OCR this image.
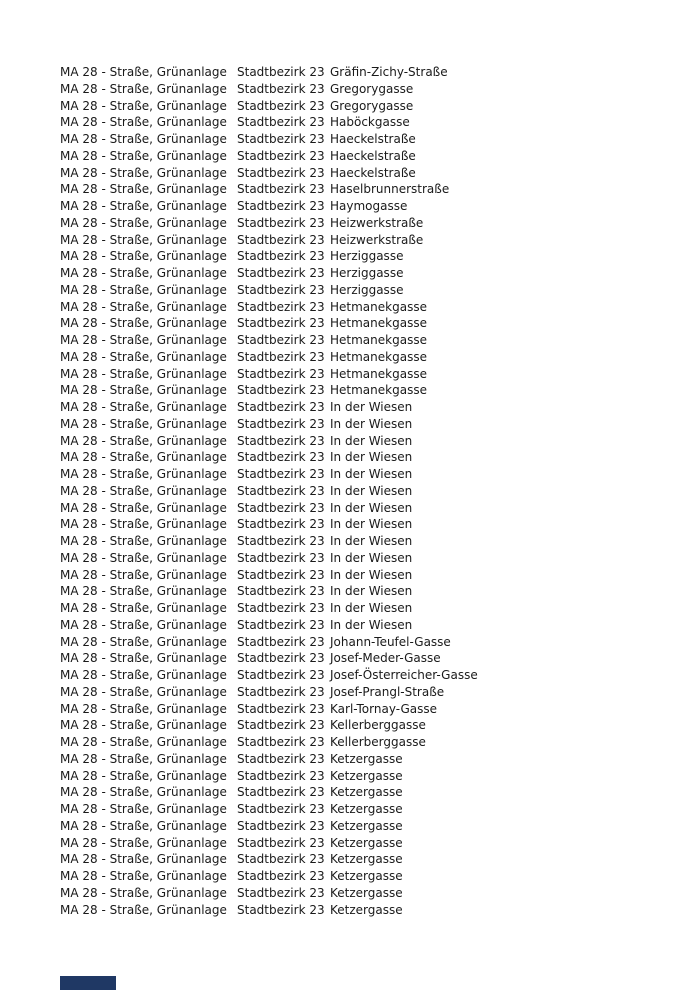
MA 28 - Straße, Grünanlage Stadtbezirk 23 Gräfin-Zichy-Straße
MA 28 - Straße, Grünanlage Stadtbezirk 23 Gregorygasse
MA 28 - Straße, Grünanlage Stadtbezirk 23 Gregorygasse
MA 28 - Straße, Grünanlage Stadtbezirk 23 Haböckgasse
MA 28 - Straße, Grünanlage Stadtbezirk 23 Haeckelstraße
MA 28 - Straße, Grünanlage Stadtbezirk 23 Haeckelstraße
MA 28 - Straße, Grünanlage Stadtbezirk 23 Haeckelstraße
MA 28 - Straße, Grünanlage Stadtbezirk 23 Haselbrunnerstraße
MA 28 - Straße, Grünanlage Stadtbezirk 23 Haymogasse
MA 28 - Straße, Grünanlage Stadtbezirk 23 Heizwerkstraße
MA 28 - Straße, Grünanlage Stadtbezirk 23 Heizwerkstraße
MA 28 - Straße, Grünanlage Stadtbezirk 23 Herziggasse
MA 28 - Straße, Grünanlage Stadtbezirk 23 Herziggasse
MA 28 - Straße, Grünanlage Stadtbezirk 23 Herziggasse
MA 28 - Straße, Grünanlage Stadtbezirk 23 Hetmanekgasse
MA 28 - Straße, Grünanlage Stadtbezirk 23 Hetmanekgasse
MA 28 - Straße, Grünanlage Stadtbezirk 23 Hetmanekgasse
MA 28 - Straße, Grünanlage Stadtbezirk 23 Hetmanekgasse
MA 28 - Straße, Grünanlage Stadtbezirk 23 Hetmanekgasse
MA 28 - Straße, Grünanlage Stadtbezirk 23 Hetmanekgasse
MA 28 - Straße, Grünanlage Stadtbezirk 23 In der Wiesen
MA 28 - Straße, Grünanlage Stadtbezirk 23 In der Wiesen
MA 28 - Straße, Grünanlage Stadtbezirk 23 In der Wiesen
MA 28 - Straße, Grünanlage Stadtbezirk 23 In der Wiesen
MA 28 - Straße, Grünanlage Stadtbezirk 23 In der Wiesen
MA 28 - Straße, Grünanlage Stadtbezirk 23 In der Wiesen
MA 28 - Straße, Grünanlage Stadtbezirk 23 In der Wiesen
MA 28 - Straße, Grünanlage Stadtbezirk 23 In der Wiesen
MA 28 - Straße, Grünanlage Stadtbezirk 23 In der Wiesen
MA 28 - Straße, Grünanlage Stadtbezirk 23 In der Wiesen
MA 28 - Straße, Grünanlage Stadtbezirk 23 In der Wiesen
MA 28 - Straße, Grünanlage Stadtbezirk 23 In der Wiesen
MA 28 - Straße, Grünanlage Stadtbezirk 23 In der Wiesen
MA 28 - Straße, Grünanlage Stadtbezirk 23 In der Wiesen
MA 28 - Straße, Grünanlage Stadtbezirk 23 Johann-Teufel-Gasse
MA 28 - Straße, Grünanlage Stadtbezirk 23 Josef-Meder-Gasse
MA 28 - Straße, Grünanlage Stadtbezirk 23 Josef-Österreicher-Gasse
MA 28 - Straße, Grünanlage Stadtbezirk 23 Josef-Prangl-Straße
MA 28 - Straße, Grünanlage Stadtbezirk 23 Karl-Tornay-Gasse
MA 28 - Straße, Grünanlage Stadtbezirk 23 Kellerberggasse
MA 28 - Straße, Grünanlage Stadtbezirk 23 Kellerberggasse
MA 28 - Straße, Grünanlage Stadtbezirk 23 Ketzergasse
MA 28 - Straße, Grünanlage Stadtbezirk 23 Ketzergasse
MA 28 - Straße, Grünanlage Stadtbezirk 23 Ketzergasse
MA 28 - Straße, Grünanlage Stadtbezirk 23 Ketzergasse
MA 28 - Straße, Grünanlage Stadtbezirk 23 Ketzergasse
MA 28 - Straße, Grünanlage Stadtbezirk 23 Ketzergasse
MA 28 - Straße, Grünanlage Stadtbezirk 23 Ketzergasse
MA 28 - Straße, Grünanlage Stadtbezirk 23 Ketzergasse
MA 28 - Straße, Grünanlage Stadtbezirk 23 Ketzergasse
MA 28 - Straße, Grünanlage Stadtbezirk 23 Ketzergasse
